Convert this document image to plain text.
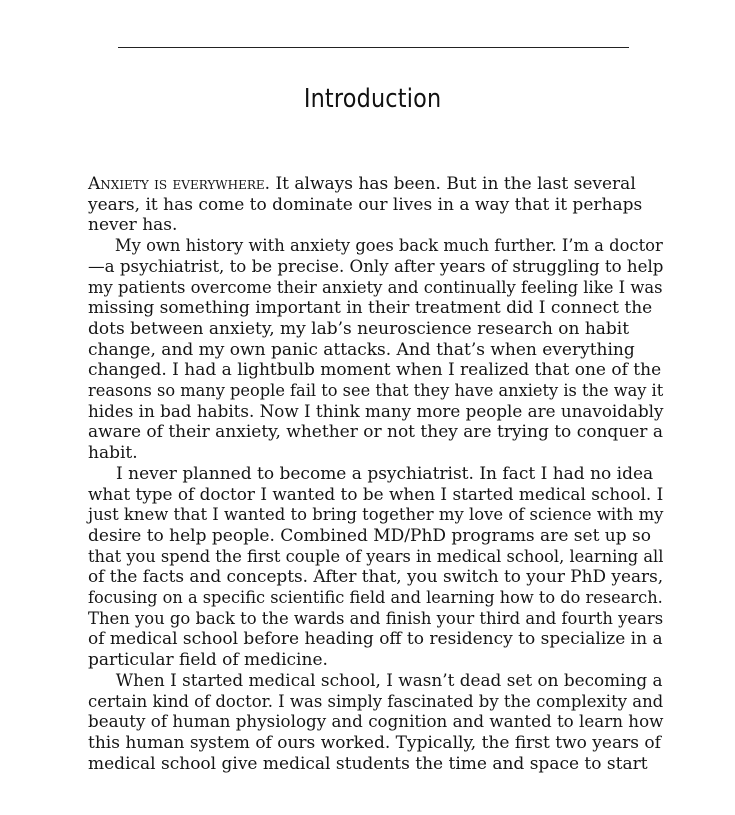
Introduction
Anxiety is everywhere. It always has been. But in the last several
years, it has come to dominate our lives in a way that it perhaps
never has.
My own history with anxiety goes back much further. I’m a doctor
—a psychiatrist, to be precise. Only after years of struggling to help
my patients overcome their anxiety and continually feeling like I was
missing something important in their treatment did I connect the
dots between anxiety, my lab’s neuroscience research on habit
change, and my own panic attacks. And that’s when everything
changed. I had a lightbulb moment when I realized that one of the
reasons so many people fail to see that they have anxiety is the way it
hides in bad habits. Now I think many more people are unavoidably
aware of their anxiety, whether or not they are trying to conquer a
habit.
I never planned to become a psychiatrist. In fact I had no idea
what type of doctor I wanted to be when I started medical school. I
just knew that I wanted to bring together my love of science with my
desire to help people. Combined MD/PhD programs are set up so
that you spend the first couple of years in medical school, learning all
of the facts and concepts. After that, you switch to your PhD years,
focusing on a specific scientific field and learning how to do research.
Then you go back to the wards and finish your third and fourth years
of medical school before heading off to residency to specialize in a
particular field of medicine.
When I started medical school, I wasn’t dead set on becoming a
certain kind of doctor. I was simply fascinated by the complexity and
beauty of human physiology and cognition and wanted to learn how
this human system of ours worked. Typically, the first two years of
medical school give medical students the time and space to start
